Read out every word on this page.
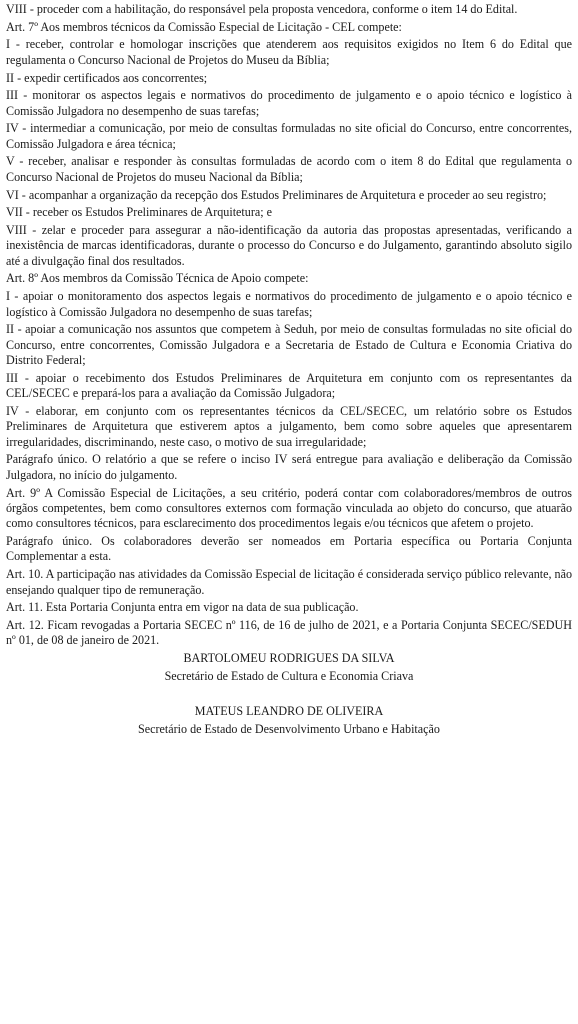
VIII - proceder com a habilitação, do responsável pela proposta vencedora, conforme o item 14 do Edital.

Art. 7º Aos membros técnicos da Comissão Especial de Licitação - CEL compete:

I - receber, controlar e homologar inscrições que atenderem aos requisitos exigidos no Item 6 do Edital que regulamenta o Concurso Nacional de Projetos do Museu da Bíblia;

II - expedir certificados aos concorrentes;

III - monitorar os aspectos legais e normativos do procedimento de julgamento e o apoio técnico e logístico à Comissão Julgadora no desempenho de suas tarefas;

IV - intermediar a comunicação, por meio de consultas formuladas no site oficial do Concurso, entre concorrentes, Comissão Julgadora e área técnica;

V - receber, analisar e responder às consultas formuladas de acordo com o item 8 do Edital que regulamenta o Concurso Nacional de Projetos do museu Nacional da Bíblia;

VI - acompanhar a organização da recepção dos Estudos Preliminares de Arquitetura e proceder ao seu registro;

VII - receber os Estudos Preliminares de Arquitetura; e

VIII - zelar e proceder para assegurar a não-identificação da autoria das propostas apresentadas, verificando a inexistência de marcas identificadoras, durante o processo do Concurso e do Julgamento, garantindo absoluto sigilo até a divulgação final dos resultados.

Art. 8º Aos membros da Comissão Técnica de Apoio compete:

I - apoiar o monitoramento dos aspectos legais e normativos do procedimento de julgamento e o apoio técnico e logístico à Comissão Julgadora no desempenho de suas tarefas;

II - apoiar a comunicação nos assuntos que competem à Seduh, por meio de consultas formuladas no site oficial do Concurso, entre concorrentes, Comissão Julgadora e a Secretaria de Estado de Cultura e Economia Criativa do Distrito Federal;

III - apoiar o recebimento dos Estudos Preliminares de Arquitetura em conjunto com os representantes da CEL/SECEC e prepará-los para a avaliação da Comissão Julgadora;

IV - elaborar, em conjunto com os representantes técnicos da CEL/SECEC, um relatório sobre os Estudos Preliminares de Arquitetura que estiverem aptos a julgamento, bem como sobre aqueles que apresentarem irregularidades, discriminando, neste caso, o motivo de sua irregularidade;

Parágrafo único. O relatório a que se refere o inciso IV será entregue para avaliação e deliberação da Comissão Julgadora, no início do julgamento.

Art. 9º A Comissão Especial de Licitações, a seu critério, poderá contar com colaboradores/membros de outros órgãos competentes, bem como consultores externos com formação vinculada ao objeto do concurso, que atuarão como consultores técnicos, para esclarecimento dos procedimentos legais e/ou técnicos que afetem o projeto.

Parágrafo único. Os colaboradores deverão ser nomeados em Portaria específica ou Portaria Conjunta Complementar a esta.

Art. 10. A participação nas atividades da Comissão Especial de licitação é considerada serviço público relevante, não ensejando qualquer tipo de remuneração.

Art. 11. Esta Portaria Conjunta entra em vigor na data de sua publicação.

Art. 12. Ficam revogadas a Portaria SECEC nº 116, de 16 de julho de 2021, e a Portaria Conjunta SECEC/SEDUH nº 01, de 08 de janeiro de 2021.

BARTOLOMEU RODRIGUES DA SILVA

Secretário de Estado de Cultura e Economia Criava

MATEUS LEANDRO DE OLIVEIRA

Secretário de Estado de Desenvolvimento Urbano e Habitação
